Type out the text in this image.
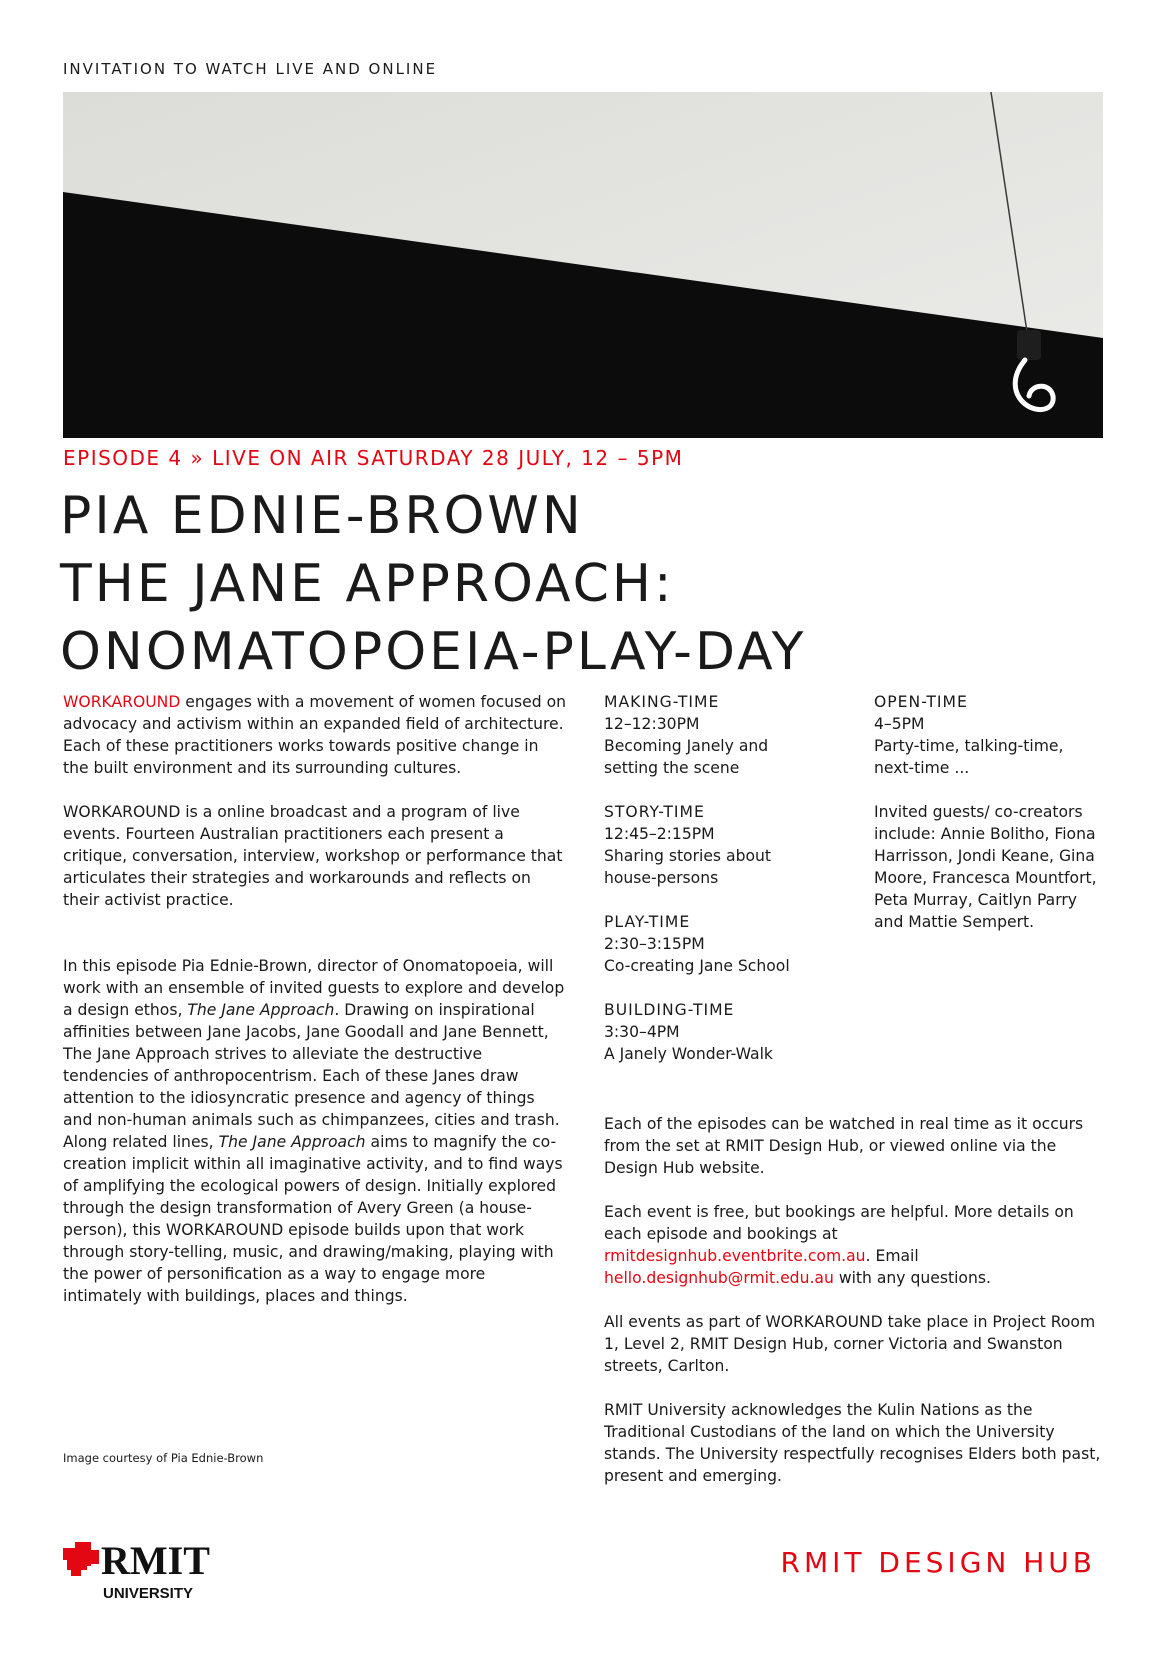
INVITATION TO WATCH LIVE AND ONLINE
EPISODE 4 » LIVE ON AIR SATURDAY 28 JULY, 12 – 5PM
PIA EDNIE-BROWN
THE JANE APPROACH:
ONOMATOPOEIA-PLAY-DAY

WORKAROUND engages with a movement of women focused on advocacy and activism within an expanded field of architecture. Each of these practitioners works towards positive change in the built environment and its surrounding cultures.

WORKAROUND is a online broadcast and a program of live events. Fourteen Australian practitioners each present a critique, conversation, interview, workshop or performance that articulates their strategies and workarounds and reflects on their activist practice.

In this episode Pia Ednie-Brown, director of Onomatopoeia, will work with an ensemble of invited guests to explore and develop a design ethos, The Jane Approach. Drawing on inspirational affinities between Jane Jacobs, Jane Goodall and Jane Bennett, The Jane Approach strives to alleviate the destructive tendencies of anthropocentrism. Each of these Janes draw attention to the idiosyncratic presence and agency of things and non-human animals such as chimpanzees, cities and trash. Along related lines, The Jane Approach aims to magnify the co-creation implicit within all imaginative activity, and to find ways of amplifying the ecological powers of design. Initially explored through the design transformation of Avery Green (a house-person), this WORKAROUND episode builds upon that work through story-telling, music, and drawing/making, playing with the power of personification as a way to engage more intimately with buildings, places and things.

MAKING-TIME
12–12:30PM
Becoming Janely and setting the scene
STORY-TIME
12:45–2:15PM
Sharing stories about house-persons
PLAY-TIME
2:30–3:15PM
Co-creating Jane School
BUILDING-TIME
3:30–4PM
A Janely Wonder-Walk
OPEN-TIME
4–5PM
Party-time, talking-time, next-time ...
Invited guests/ co-creators include: Annie Bolitho, Fiona Harrisson, Jondi Keane, Gina Moore, Francesca Mountfort, Peta Murray, Caitlyn Parry and Mattie Sempert.

Each of the episodes can be watched in real time as it occurs from the set at RMIT Design Hub, or viewed online via the Design Hub website.

Each event is free, but bookings are helpful. More details on each episode and bookings at rmitdesignhub.eventbrite.com.au. Email hello.designhub@rmit.edu.au with any questions.

All events as part of WORKAROUND take place in Project Room 1, Level 2, RMIT Design Hub, corner Victoria and Swanston streets, Carlton.

RMIT University acknowledges the Kulin Nations as the Traditional Custodians of the land on which the University stands. The University respectfully recognises Elders both past, present and emerging.

Image courtesy of Pia Ednie-Brown
RMIT
UNIVERSITY
RMIT DESIGN HUB
